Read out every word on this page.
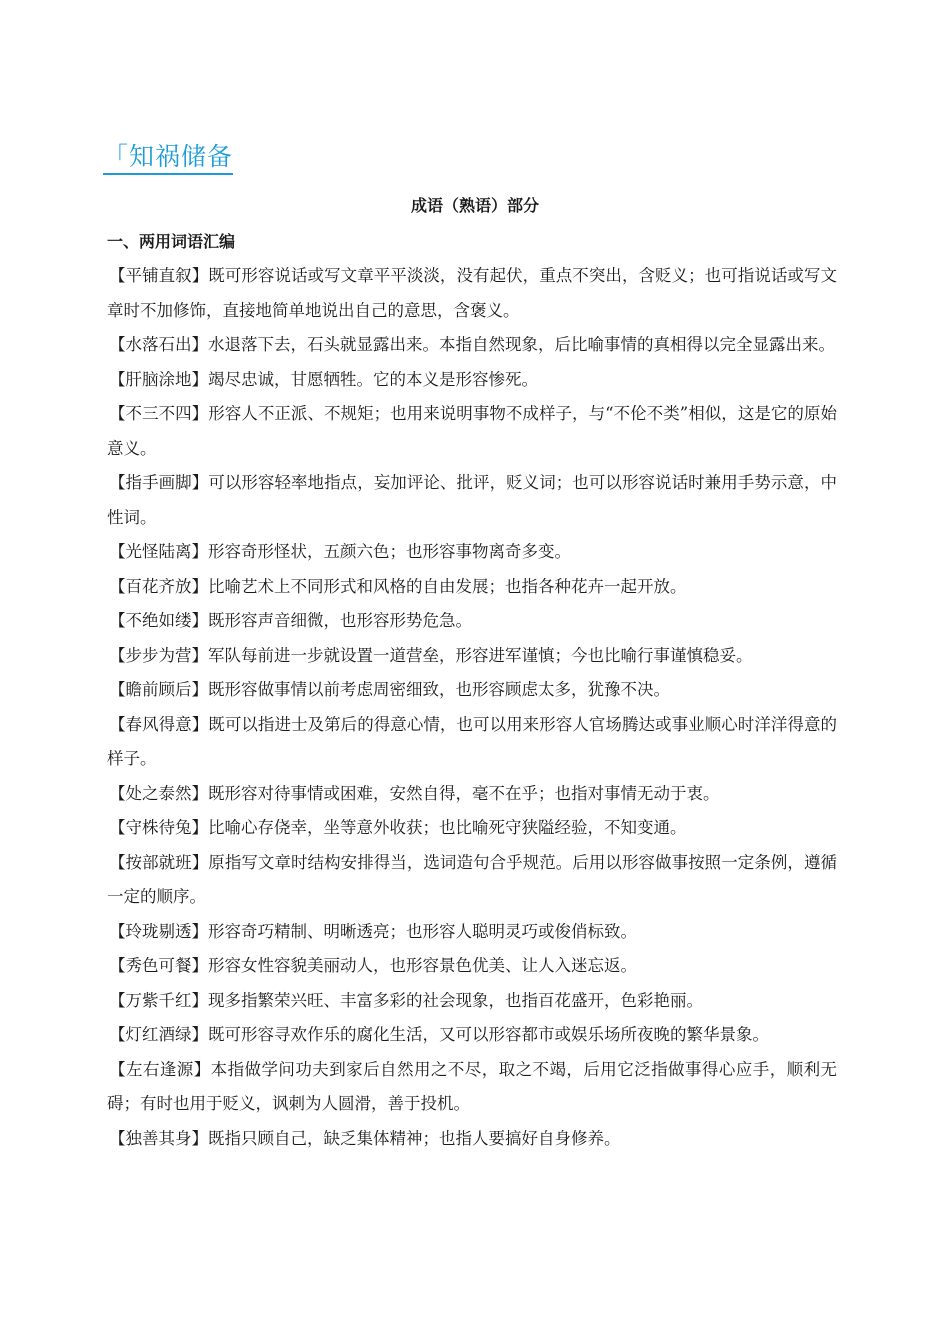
「知祸储备
成语（熟语）部分
一、两用词语汇编

【平铺直叙】既可形容说话或写文章平平淡淡，没有起伏，重点不突出，含贬义；也可指说话或写文章时不加修饰，直接地简单地说出自己的意思，含褒义。

【水落石出】水退落下去，石头就显露出来。本指自然现象，后比喻事情的真相得以完全显露出来。

【肝脑涂地】竭尽忠诚，甘愿牺牲。它的本义是形容惨死。

【不三不四】形容人不正派、不规矩；也用来说明事物不成样子，与“不伦不类”相似，这是它的原始意义。

【指手画脚】可以形容轻率地指点，妄加评论、批评，贬义词；也可以形容说话时兼用手势示意，中性词。

【光怪陆离】形容奇形怪状，五颜六色；也形容事物离奇多变。

【百花齐放】比喻艺术上不同形式和风格的自由发展；也指各种花卉一起开放。

【不绝如缕】既形容声音细微，也形容形势危急。

【步步为营】军队每前进一步就设置一道营垒，形容进军谨慎；今也比喻行事谨慎稳妥。

【瞻前顾后】既形容做事情以前考虑周密细致，也形容顾虑太多，犹豫不决。

【春风得意】既可以指进士及第后的得意心情，也可以用来形容人官场腾达或事业顺心时洋洋得意的样子。

【处之泰然】既形容对待事情或困难，安然自得，毫不在乎；也指对事情无动于衷。

【守株待兔】比喻心存侥幸，坐等意外收获；也比喻死守狭隘经验，不知变通。

【按部就班】原指写文章时结构安排得当，选词造句合乎规范。后用以形容做事按照一定条例，遵循一定的顺序。

【玲珑剔透】形容奇巧精制、明晰透亮；也形容人聪明灵巧或俊俏标致。

【秀色可餐】形容女性容貌美丽动人，也形容景色优美、让人入迷忘返。

【万紫千红】现多指繁荣兴旺、丰富多彩的社会现象，也指百花盛开，色彩艳丽。

【灯红酒绿】既可形容寻欢作乐的腐化生活，又可以形容都市或娱乐场所夜晚的繁华景象。

【左右逢源】本指做学问功夫到家后自然用之不尽，取之不竭，后用它泛指做事得心应手，顺利无碍；有时也用于贬义，讽刺为人圆滑，善于投机。

【独善其身】既指只顾自己，缺乏集体精神；也指人要搞好自身修养。
